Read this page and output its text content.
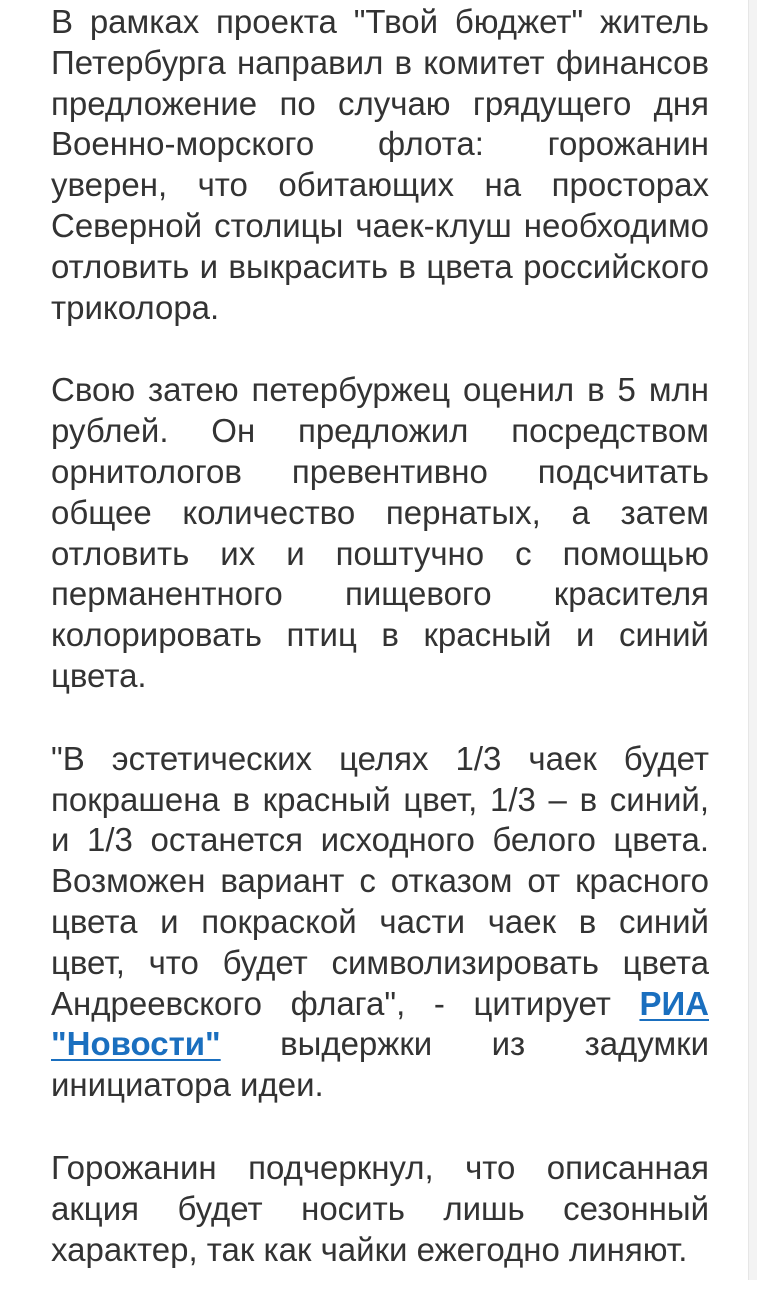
В рамках проекта "Твой бюджет" житель Петербурга направил в комитет финансов предложение по случаю грядущего дня Военно-морского флота: горожанин уверен, что обитающих на просторах Северной столицы чаек-клуш необходимо отловить и выкрасить в цвета российского триколора.

Свою затею петербуржец оценил в 5 млн рублей. Он предложил посредством орнитологов превентивно подсчитать общее количество пернатых, а затем отловить их и поштучно с помощью перманентного пищевого красителя колорировать птиц в красный и синий цвета.

"В эстетических целях 1/3 чаек будет покрашена в красный цвет, 1/3 – в синий, и 1/3 останется исходного белого цвета. Возможен вариант с отказом от красного цвета и покраской части чаек в синий цвет, что будет символизировать цвета Андреевского флага", - цитирует РИА "Новости" выдержки из задумки инициатора идеи.

Горожанин подчеркнул, что описанная акция будет носить лишь сезонный характер, так как чайки ежегодно линяют.
